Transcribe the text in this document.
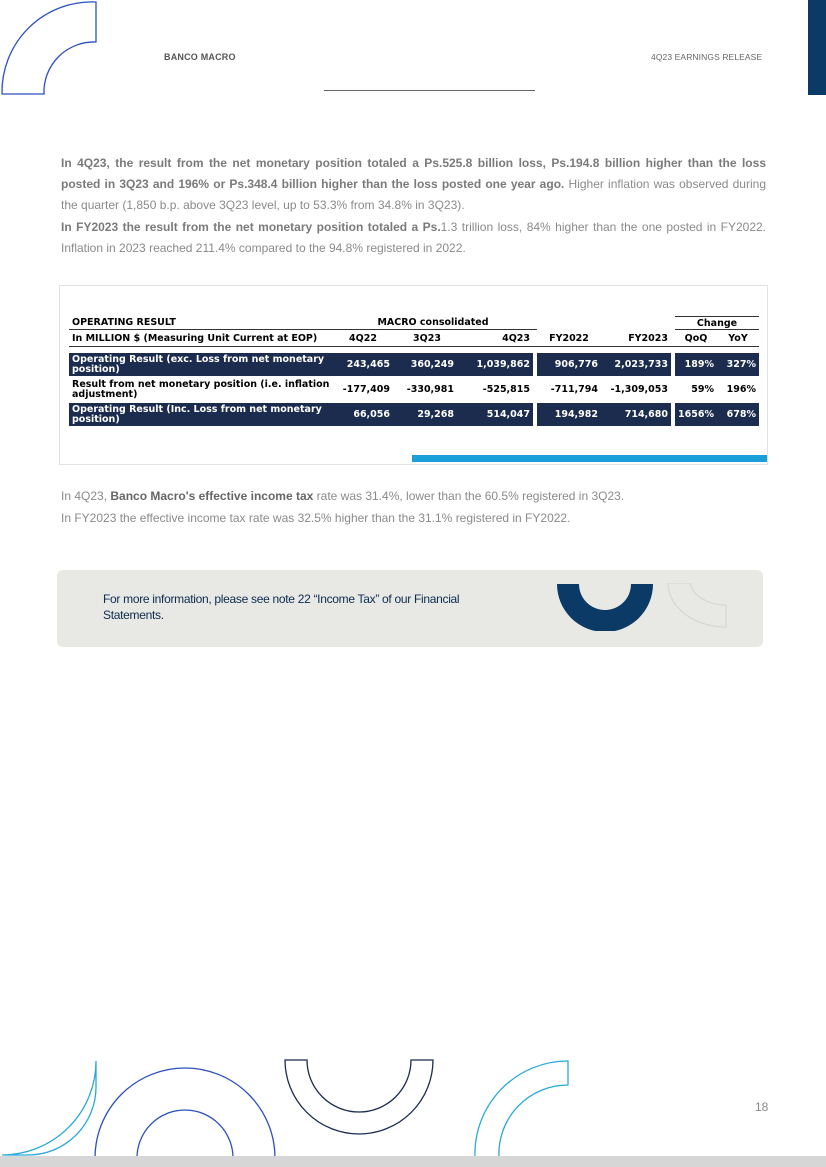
BANCO MACRO	4Q23 EARNINGS RELEASE
In 4Q23, the result from the net monetary position totaled a Ps.525.8 billion loss, Ps.194.8 billion higher than the loss posted in 3Q23 and 196% or Ps.348.4 billion higher than the loss posted one year ago. Higher inflation was observed during the quarter (1,850 b.p. above 3Q23 level, up to 53.3% from 34.8% in 3Q23).
In FY2023 the result from the net monetary position totaled a Ps.1.3 trillion loss, 84% higher than the one posted in FY2022. Inflation in 2023 reached 211.4% compared to the 94.8% registered in 2022.
OPERATING RESULT	MACRO consolidated									Change	
In MILLION $ (Measuring Unit Current at EOP)	4Q22		3Q23		4Q23		FY2022	FY2023		QoQ	YoY

Operating Result (exc. Loss from net monetary position)	243,465		360,249		1,039,862		906,776	2,023,733		189%	327%

Result from net monetary position (i.e. inflation adjustment)	-177,409		-330,981		-525,815		-711,794	-1,309,053		59%	196%

Operating Result (Inc. Loss from net monetary position)	66,056		29,268		514,047		194,982	714,680		1656%	678%
In 4Q23, Banco Macro's effective income tax rate was 31.4%, lower than the 60.5% registered in 3Q23.
In FY2023 the effective income tax rate was 32.5% higher than the 31.1% registered in FY2022.
For more information, please see note 22 “Income Tax” of our Financial Statements.
18
